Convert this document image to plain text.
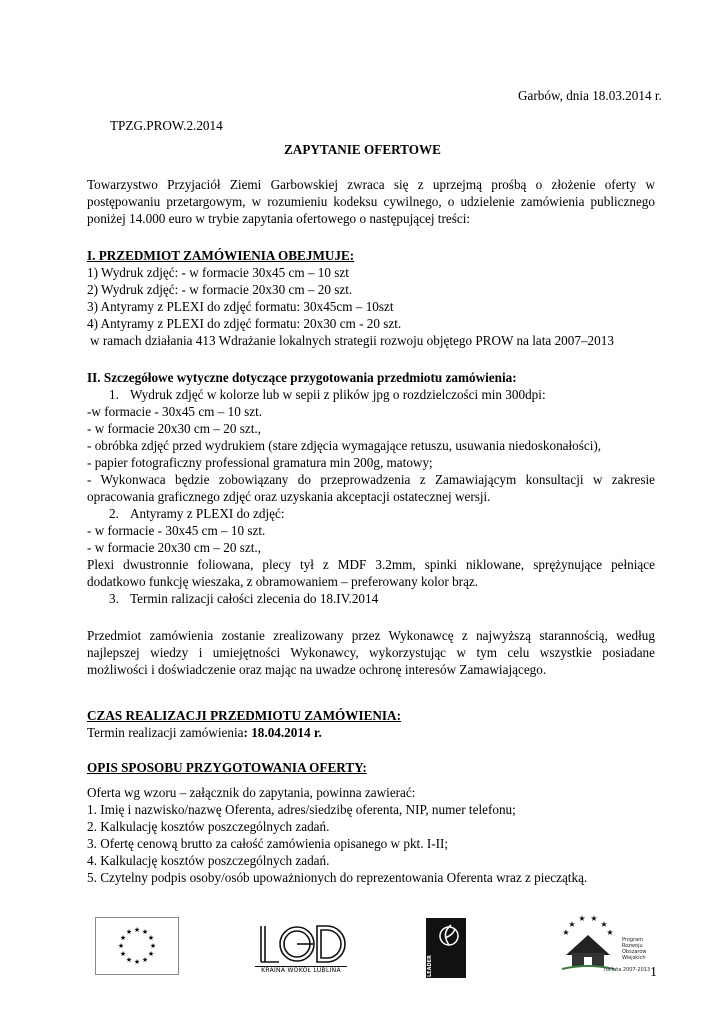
Garbów, dnia 18.03.2014 r.
TPZG.PROW.2.2014
ZAPYTANIE OFERTOWE
Towarzystwo Przyjaciół Ziemi Garbowskiej zwraca się z uprzejmą prośbą o złożenie oferty w
postępowaniu przetargowym, w rozumieniu kodeksu cywilnego, o udzielenie zamówienia publicznego
poniżej 14.000 euro w trybie zapytania ofertowego o następującej treści:
I. PRZEDMIOT ZAMÓWIENIA OBEJMUJE:
1) Wydruk zdjęć: - w formacie 30x45 cm – 10 szt
2) Wydruk zdjęć: - w formacie 20x30 cm – 20 szt.
3) Antyramy z PLEXI do zdjęć formatu: 30x45cm – 10szt
4) Antyramy z PLEXI do zdjęć formatu: 20x30 cm - 20 szt.
w ramach działania 413 Wdrażanie lokalnych strategii rozwoju objętego PROW na lata 2007–2013
II. Szczegółowe wytyczne dotyczące przygotowania przedmiotu zamówienia:
1. Wydruk zdjęć w kolorze lub w sepii z plików jpg o rozdzielczości min 300dpi:
-w formacie - 30x45 cm – 10 szt.
- w formacie 20x30 cm – 20 szt.,
- obróbka zdjęć przed wydrukiem (stare zdjęcia wymagające retuszu, usuwania niedoskonałości),
- papier fotograficzny professional gramatura min 200g, matowy;
- Wykonwaca będzie zobowiązany do przeprowadzenia z Zamawiającym konsultacji w zakresie
opracowania graficznego zdjęć oraz uzyskania akceptacji ostatecznej wersji.
2. Antyramy z PLEXI do zdjęć:
- w formacie - 30x45 cm – 10 szt.
- w formacie 20x30 cm – 20 szt.,
Plexi dwustronnie foliowana, plecy tył z MDF 3.2mm, spinki niklowane, sprężynujące pełniące
dodatkowo funkcję wieszaka, z obramowaniem – preferowany kolor brąz.
3. Termin ralizacji całości zlecenia do 18.IV.2014
Przedmiot zamówienia zostanie zrealizowany przez Wykonawcę z najwyższą starannością, według
najlepszej wiedzy i umiejętności Wykonawcy, wykorzystując w tym celu wszystkie posiadane
możliwości i doświadczenie oraz mając na uwadze ochronę interesów Zamawiającego.
CZAS REALIZACJI PRZEDMIOTU ZAMÓWIENIA:
Termin realizacji zamówienia: 18.04.2014 r.
OPIS SPOSOBU PRZYGOTOWANIA OFERTY:
Oferta wg wzoru – załącznik do zapytania, powinna zawierać:
1. Imię i nazwisko/nazwę Oferenta, adres/siedzibę oferenta, NIP, numer telefonu;
2. Kalkulację kosztów poszczególnych zadań.
3. Ofertę cenową brutto za całość zamówienia opisanego w pkt. I-II;
4. Kalkulację kosztów poszczególnych zadań.
5. Czytelny podpis osoby/osób upoważnionych do reprezentowania Oferenta wraz z pieczątką.
★ ★
★
★
★
★
★
★
★
★
★
★
KRAINA WOKÓŁ LUBLINA	LEADER
★
★
★ ★
★
★
Program
Rozwoju
Obszarów
Wiejskich
na lata 2007-2013 1
